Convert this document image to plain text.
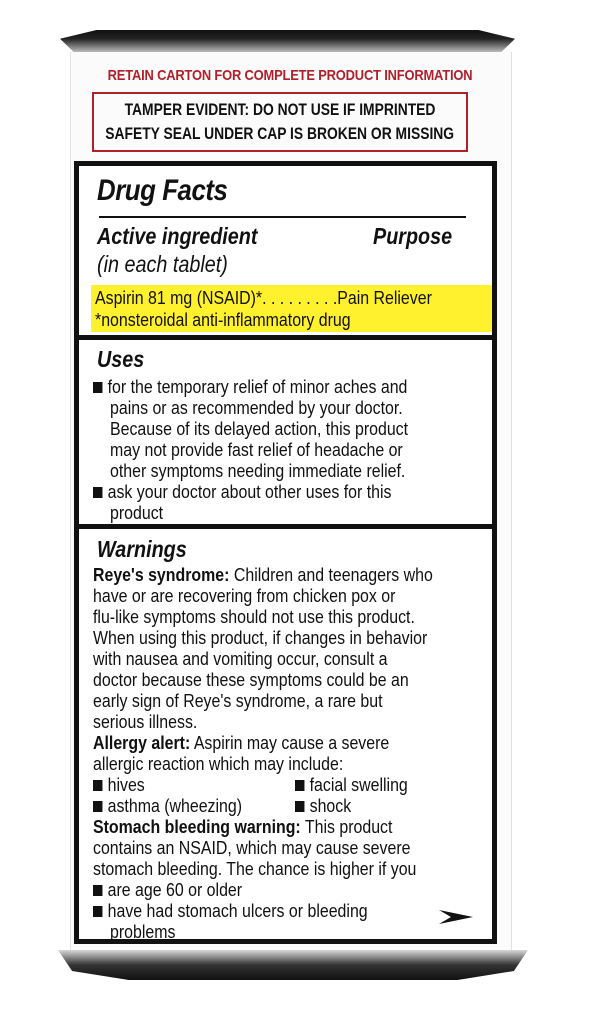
RETAIN CARTON FOR COMPLETE PRODUCT INFORMATION
TAMPER EVIDENT: DO NOT USE IF IMPRINTED
SAFETY SEAL UNDER CAP IS BROKEN OR MISSING
Drug Facts
Active ingredient	Purpose
(in each tablet)
Aspirin 81 mg (NSAID)*. . . . . . . . .Pain Reliever
*nonsteroidal anti-inflammatory drug
Uses
for the temporary relief of minor aches and
pains or as recommended by your doctor.
Because of its delayed action, this product
may not provide fast relief of headache or
other symptoms needing immediate relief.
ask your doctor about other uses for this
product
Warnings
Reye's syndrome: Children and teenagers who
have or are recovering from chicken pox or
flu-like symptoms should not use this product.
When using this product, if changes in behavior
with nausea and vomiting occur, consult a
doctor because these symptoms could be an
early sign of Reye's syndrome, a rare but
serious illness.
Allergy alert: Aspirin may cause a severe
allergic reaction which may include:
hives	facial swelling
asthma (wheezing)	shock
Stomach bleeding warning: This product
contains an NSAID, which may cause severe
stomach bleeding. The chance is higher if you
are age 60 or older
have had stomach ulcers or bleeding
problems
